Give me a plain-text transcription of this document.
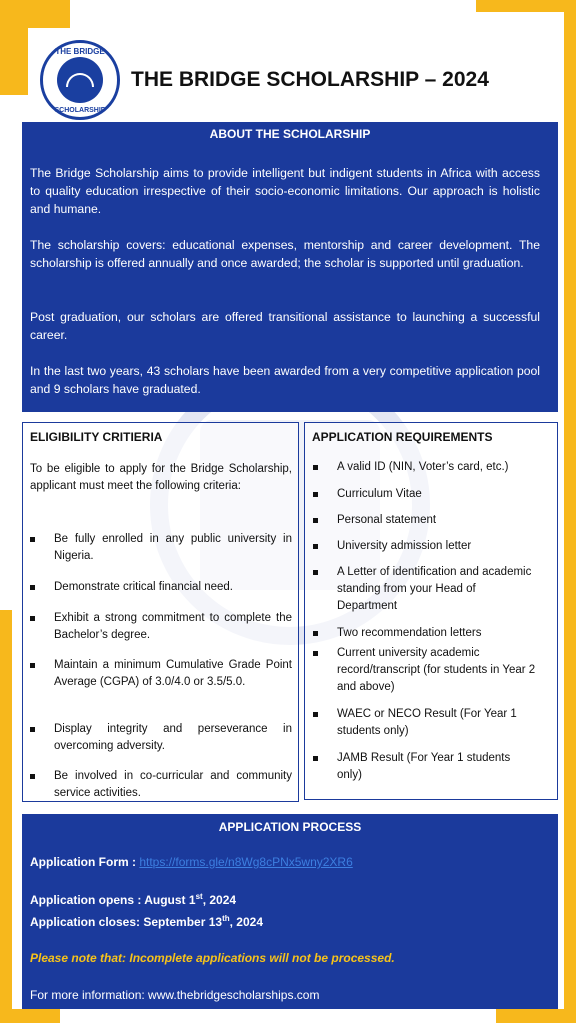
THE BRIDGE
SCHOLARSHIP
THE BRIDGE SCHOLARSHIP – 2024
ABOUT THE SCHOLARSHIP

The Bridge Scholarship aims to provide intelligent but indigent students in Africa with access to quality education irrespective of their socio-economic limitations. Our approach is holistic and humane.

The scholarship covers: educational expenses, mentorship and career development. The scholarship is offered annually and once awarded; the scholar is supported until graduation.

Post graduation, our scholars are offered transitional assistance to launching a successful career.

In the last two years, 43 scholars have been awarded from a very competitive application pool and 9 scholars have graduated.

ELIGIBILITY CRITIERIA

To be eligible to apply for the Bridge Scholarship, applicant must meet the following criteria:

Be fully enrolled in any public university in Nigeria.
Demonstrate critical financial need.
Exhibit a strong commitment to complete the Bachelor’s degree.
Maintain a minimum Cumulative Grade Point Average (CGPA) of 3.0/4.0 or 3.5/5.0.
Display integrity and perseverance in overcoming adversity.
Be involved in co-curricular and community service activities.
APPLICATION REQUIREMENTS
A valid ID (NIN, Voter’s card, etc.)
Curriculum Vitae
Personal statement
University admission letter
A Letter of identification and academic standing from your Head of Department
Two recommendation letters
Current university academic record/transcript (for students in Year 2 and above)
WAEC or NECO Result (For Year 1 students only)
JAMB Result (For Year 1 students only)
APPLICATION PROCESS
Application Form : https://forms.gle/n8Wg8cPNx5wny2XR6
Application opens : August 1st, 2024
Application closes: September 13th, 2024
Please note that: Incomplete applications will not be processed.
For more information: www.thebridgescholarships.com
